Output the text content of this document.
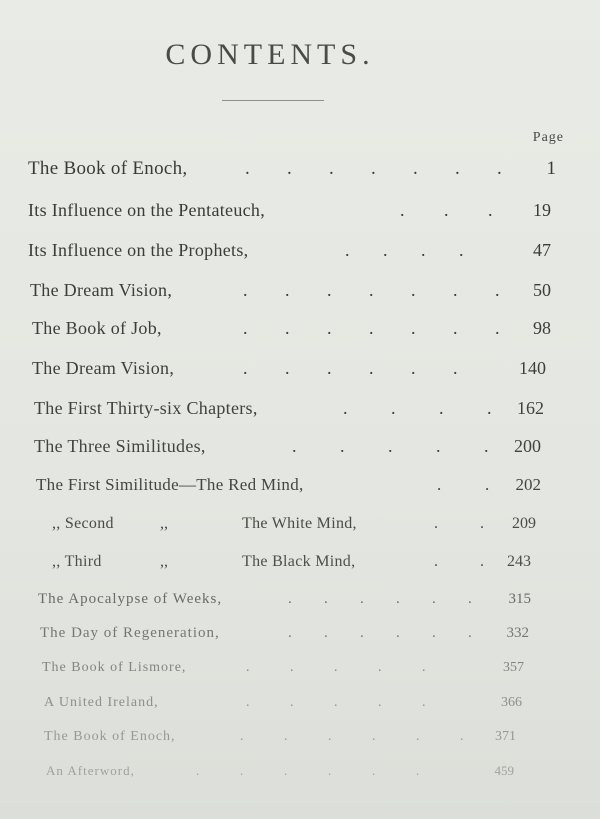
CONTENTS.
Page
The Book of Enoch,	. . . . . . . 1
Its Influence on the Pentateuch,	. . . 19
Its Influence on the Prophets,	. . . .	47
The Dream Vision,	. . . . . . . 50
The Book of Job,	. . . . . . . 98
The Dream Vision,	. . . . . .	140
The First Thirty-six Chapters,	. . . . 162
The Three Similitudes,	. . . . . 200
The First Similitude—The Red Mind,	.	. 202
,, Second	,,	The White Mind,	.	. 209
,, Third	,,	The Black Mind,	.	. 243
The Apocalypse of Weeks,	. . . . . . 315
The Day of Regeneration,	. . . . . . 332
The Book of Lismore,	.	.	.	.	.	357
A United Ireland,	.	.	.	.	.	366
The Book of Enoch,	.	.	.	.	.	. 371
An Afterword,	.	.	.	.	.	.	459
